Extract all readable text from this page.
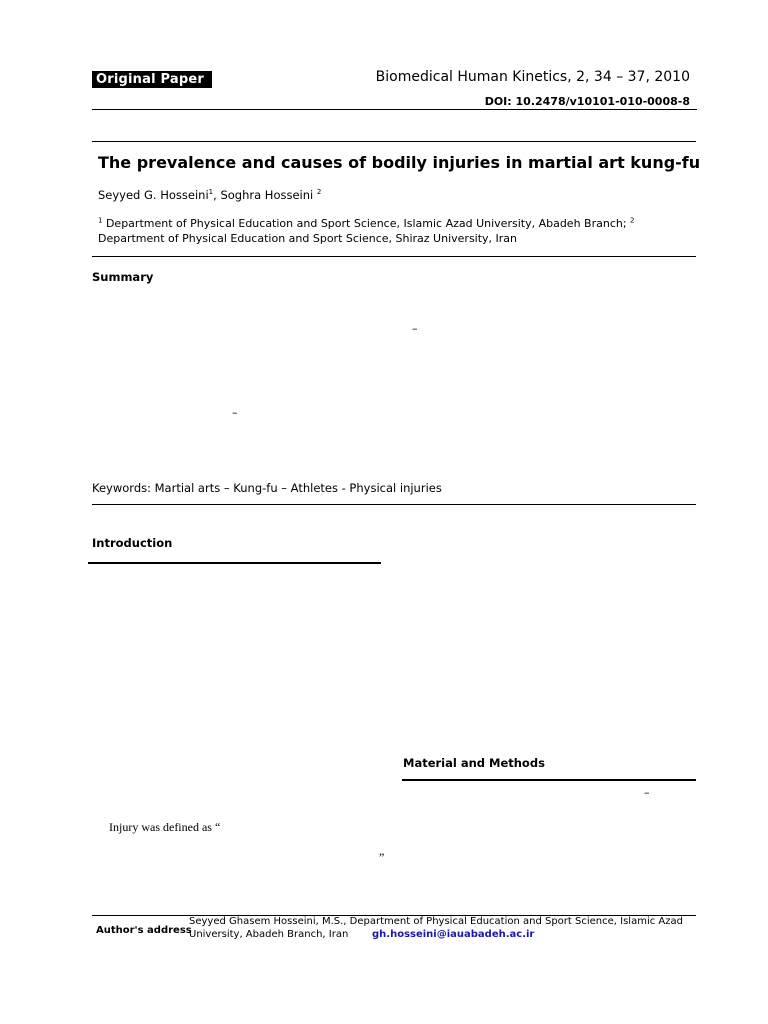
Original Paper	Biomedical Human Kinetics, 2, 34 – 37, 2010
DOI: 10.2478/v10101-010-0008-8
The prevalence and causes of bodily injuries in martial art kung-fu
Seyyed G. Hosseini$^1$, Soghra Hosseini $^2$
$^1$ Department of Physical Education and Sport Science, Islamic Azad University, Abadeh Branch; $^2$ Department of Physical Education and Sport Science, Shiraz University, Iran
Summary
–
–
Keywords: Martial arts – Kung-fu – Athletes - Physical injuries
Introduction
Injury was defined as “
”
Material and Methods
–
Author's address
Seyyed Ghasem Hosseini, M.S., Department of Physical Education and Sport Science, Islamic Azad University, Abadeh Branch, Iran	gh.hosseini@iauabadeh.ac.ir
